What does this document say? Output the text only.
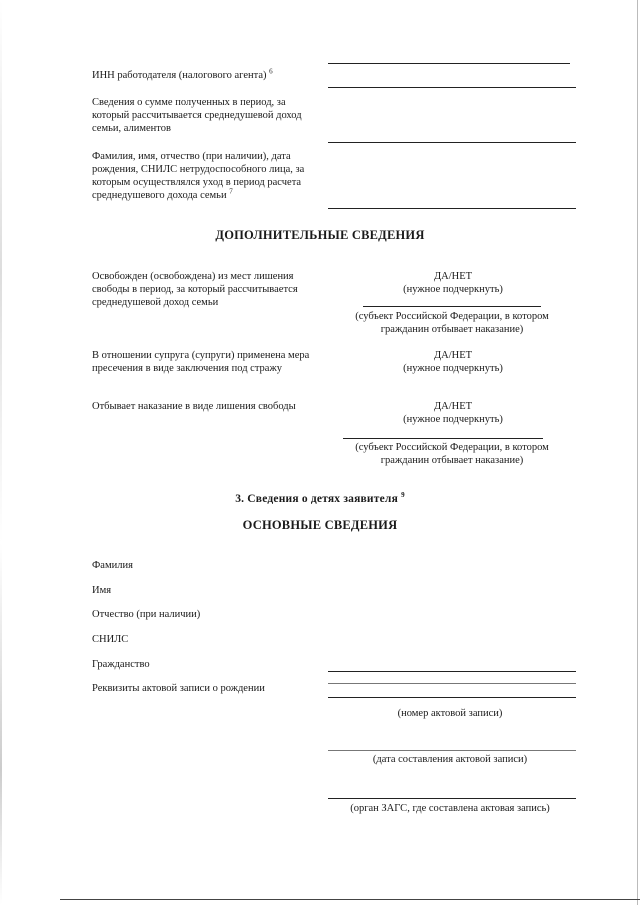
ИНН работодателя (налогового агента) $^6$
Сведения о сумме полученных в период, за который рассчитывается среднедушевой доход семьи, алиментов
Фамилия, имя, отчество (при наличии), дата рождения, СНИЛС нетрудоспособного лица, за которым осуществлялся уход в период расчета среднедушевого дохода семьи $^7$
ДОПОЛНИТЕЛЬНЫЕ СВЕДЕНИЯ
Освобожден (освобождена) из мест лишения свободы в период, за который рассчитывается среднедушевой доход семьи
ДА/НЕТ
(нужное подчеркнуть)
(субъект Российской Федерации, в котором гражданин отбывает наказание)
В отношении супруга (супруги) применена мера пресечения в виде заключения под стражу
ДА/НЕТ
(нужное подчеркнуть)
Отбывает наказание в виде лишения свободы	ДА/НЕТ
(нужное подчеркнуть)
(субъект Российской Федерации, в котором гражданин отбывает наказание)
3. Сведения о детях заявителя $^9$
ОСНОВНЫЕ СВЕДЕНИЯ
Фамилия
Имя
Отчество (при наличии)
СНИЛС
Гражданство
Реквизиты актовой записи о рождении
(номер актовой записи)
(дата составления актовой записи)
(орган ЗАГС, где составлена актовая запись)
